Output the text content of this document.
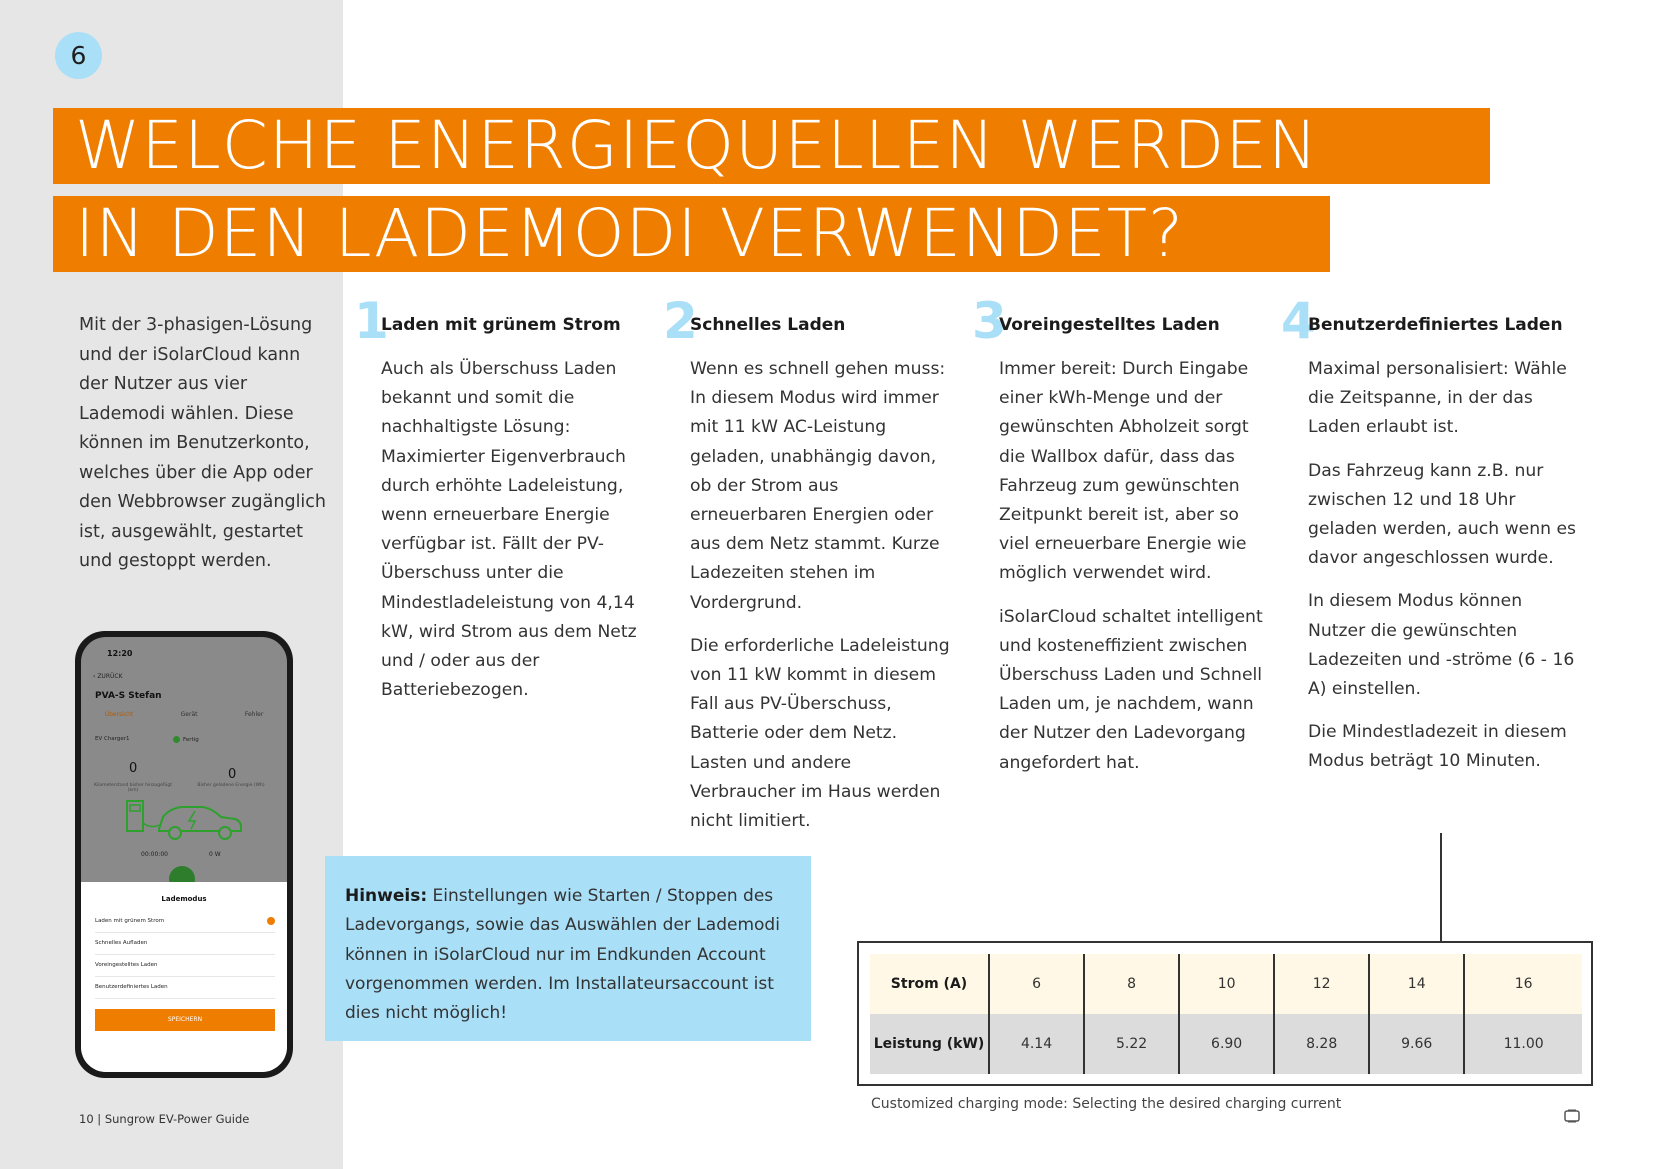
6
WELCHE ENERGIEQUELLEN WERDEN
IN DEN LADEMODI VERWENDET?
Mit der 3-phasigen-Lösung und der iSolarCloud kann der Nutzer aus vier Lademodi wählen. Diese können im Benutzerkonto, welches über die App oder den Webbrowser zugänglich ist, ausgewählt, gestartet und gestoppt werden.
12:20
‹ ZURÜCK
PVA-S Stefan
Übersicht	Gerät	Fehler
EV Charger1	Fertig
0	0
Kilometerstand bisher hinzugefügt (km)
Bisher geladene Energie (Wh)
00:00:00	0 W
Lademodus
Laden mit grünem Strom
Schnelles Aufladen
Voreingestelltes Laden
Benutzerdefiniertes Laden
SPEICHERN
10 | Sungrow EV-Power Guide
1
Laden mit grünem Strom

Auch als Überschuss Laden bekannt und somit die nachhaltigste Lösung: Maximierter Eigenverbrauch durch erhöhte Ladeleistung, wenn erneuerbare Energie verfügbar ist. Fällt der PV-Überschuss unter die Mindestladeleistung von 4,14 kW, wird Strom aus dem Netz und / oder aus der Batteriebezogen.

2
Schnelles Laden

Wenn es schnell gehen muss: In diesem Modus wird immer mit 11 kW AC-Leistung geladen, unabhängig davon, ob der Strom aus erneuerbaren Energien oder aus dem Netz stammt. Kurze Ladezeiten stehen im Vordergrund.

Die erforderliche Ladeleistung von 11 kW kommt in diesem Fall aus PV-Überschuss, Batterie oder dem Netz. Lasten und andere Verbraucher im Haus werden nicht limitiert.

3
Voreingestelltes Laden

Immer bereit: Durch Eingabe einer kWh-Menge und der gewünschten Abholzeit sorgt die Wallbox dafür, dass das Fahrzeug zum gewünschten Zeitpunkt bereit ist, aber so viel erneuerbare Energie wie möglich verwendet wird.

iSolarCloud schaltet intelligent und kosteneffizient zwischen Überschuss Laden und Schnell Laden um, je nachdem, wann der Nutzer den Ladevorgang angefordert hat.

4
Benutzerdefiniertes Laden

Maximal personalisiert: Wähle die Zeitspanne, in der das Laden erlaubt ist.

Das Fahrzeug kann z.B. nur zwischen 12 und 18 Uhr geladen werden, auch wenn es davor angeschlossen wurde.

In diesem Modus können Nutzer die gewünschten Ladezeiten und -ströme (6 - 16 A) einstellen.

Die Mindestladezeit in diesem Modus beträgt 10 Minuten.

Hinweis: Einstellungen wie Starten / Stoppen des Ladevorgangs, sowie das Auswählen der Lademodi können in iSolarCloud nur im Endkunden Account vorgenommen werden. Im Installateursaccount ist dies nicht möglich!
Strom (A)	6	8	10	12	14	16
Leistung (kW)	4.14	5.22	6.90	8.28	9.66	11.00
Customized charging mode: Selecting the desired charging current
